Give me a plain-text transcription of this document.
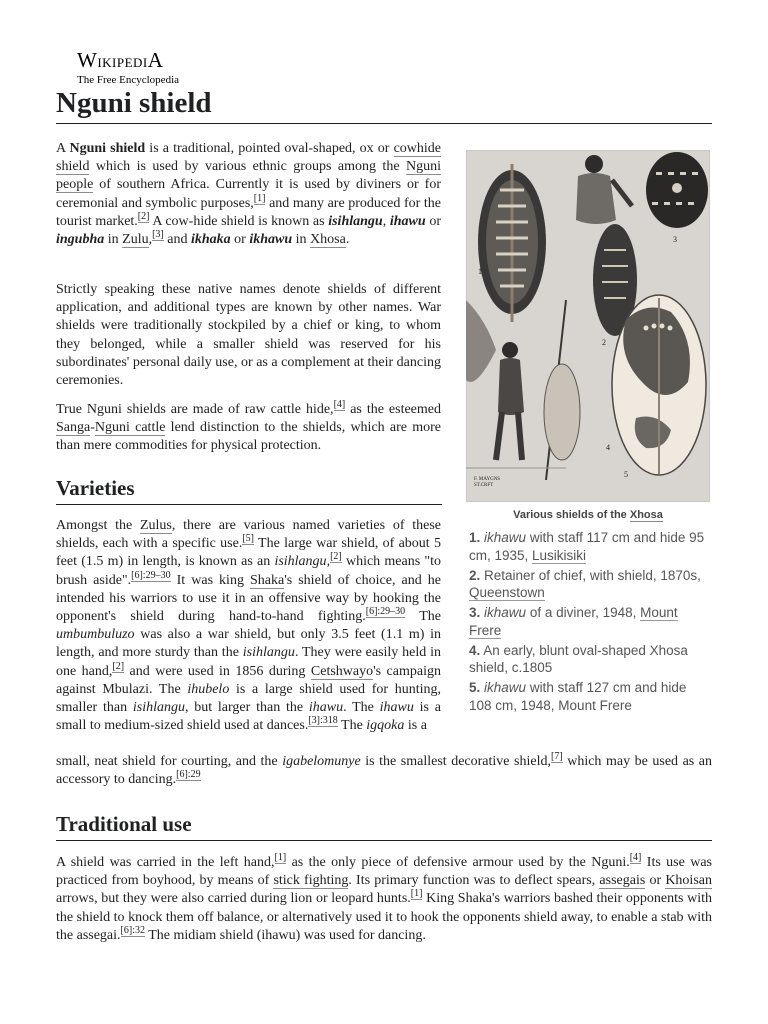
WikipediA
The Free Encyclopedia
Nguni shield

A Nguni shield is a traditional, pointed oval-shaped, ox or cowhide shield which is used by various ethnic groups among the Nguni people of southern Africa. Currently it is used by diviners or for ceremonial and symbolic purposes,[1] and many are produced for the tourist market.[2] A cow-hide shield is known as isihlangu, ihawu or ingubha in Zulu,[3] and ikhaka or ikhawu in Xhosa.

Strictly speaking these native names denote shields of different application, and additional types are known by other names. War shields were traditionally stockpiled by a chief or king, to whom they belonged, while a smaller shield was reserved for his subordinates' personal daily use, or as a complement at their dancing ceremonies.

True Nguni shields are made of raw cattle hide,[4] as the esteemed Sanga-Nguni cattle lend distinction to the shields, which are more than mere commodities for physical protection.

Varieties

Amongst the Zulus, there are various named varieties of these shields, each with a specific use.[5] The large war shield, of about 5 feet (1.5 m) in length, is known as an isihlangu,[2] which means "to brush aside".$^{[6]:29-30}$ It was king Shaka's shield of choice, and he intended his warriors to use it in an offensive way by hooking the opponent's shield during hand-to-hand fighting.$^{[6]:29-30}$ The umbumbuluzo was also a war shield, but only 3.5 feet (1.1 m) in length, and more sturdy than the isihlangu. They were easily held in one hand,[2] and were used in 1856 during Cetshwayo's campaign against Mbulazi. The ihubelo is a large shield used for hunting, smaller than isihlangu, but larger than the ihawu. The ihawu is a small to medium-sized shield used at dances.$^{[3]:318}$ The igqoka is a

small, neat shield for courting, and the igabelomunye is the smallest decorative shield,[7] which may be used as an accessory to dancing.$^{[6]:29}$

Traditional use

A shield was carried in the left hand,[1] as the only piece of defensive armour used by the Nguni.[4] Its use was practiced from boyhood, by means of stick fighting. Its primary function was to deflect spears, assegais or Khoisan arrows, but they were also carried during lion or leopard hunts.[1] King Shaka's warriors bashed their opponents with the shield to knock them off balance, or alternatively used it to hook the opponents shield away, to enable a stab with the assegai.$^{[6]:32}$ The midiam shield (ihawu) was used for dancing.

1
2
3
4
5
F. MAYGNS
ST.CRFT
Various shields of the Xhosa
1. ikhawu with staff 117 cm and hide 95 cm, 1935, Lusikisiki
2. Retainer of chief, with shield, 1870s, Queenstown
3. ikhawu of a diviner, 1948, Mount Frere
4. An early, blunt oval-shaped Xhosa shield, c.1805
5. ikhawu with staff 127 cm and hide 108 cm, 1948, Mount Frere
